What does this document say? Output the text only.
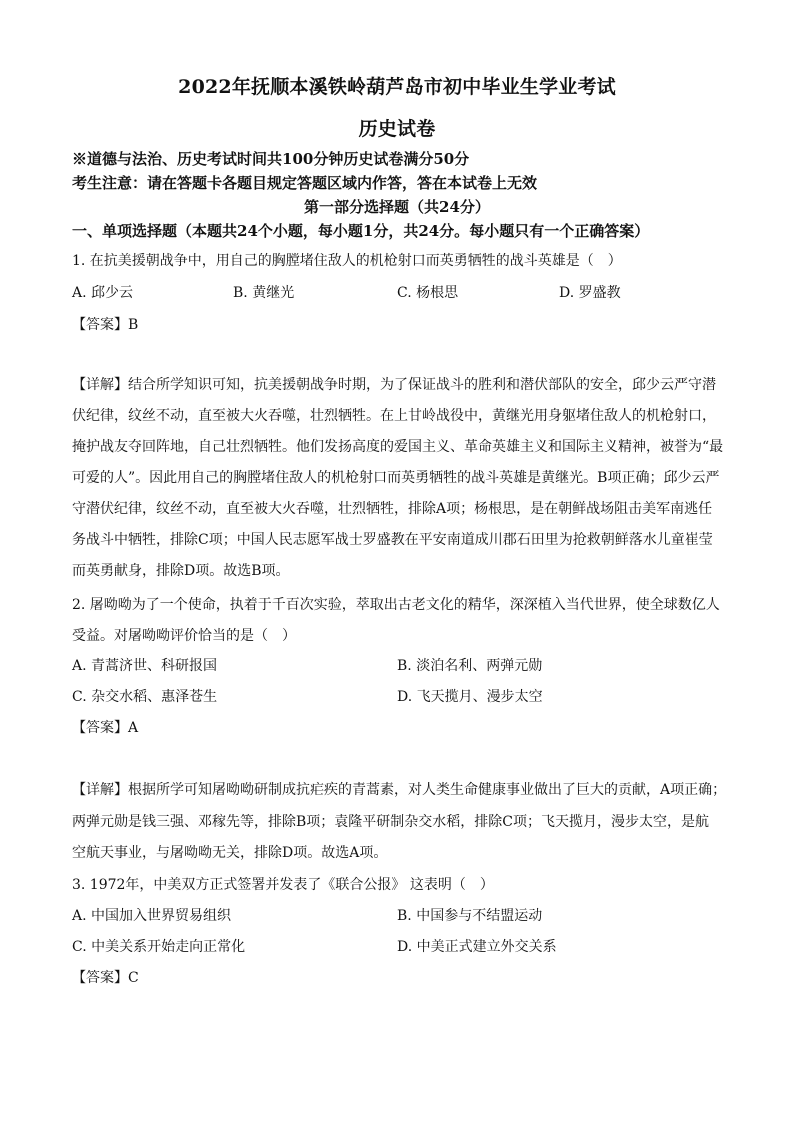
2022年抚顺本溪铁岭葫芦岛市初中毕业生学业考试
历史试卷
※道德与法治、历史考试时间共100分钟历史试卷满分50分
考生注意：请在答题卡各题目规定答题区域内作答，答在本试卷上无效
第一部分选择题（共24分）
一、单项选择题（本题共24个小题，每小题1分，共24分。每小题只有一个正确答案）
1. 在抗美援朝战争中，用自己的胸膛堵住敌人的机枪射口而英勇牺牲的战斗英雄是（　）
A. 邱少云	B. 黄继光	C. 杨根思	D. 罗盛教
【答案】B
【详解】结合所学知识可知，抗美援朝战争时期，为了保证战斗的胜利和潜伏部队的安全，邱少云严守潜
伏纪律，纹丝不动，直至被大火吞噬，壮烈牺牲。在上甘岭战役中，黄继光用身躯堵住敌人的机枪射口，
掩护战友夺回阵地，自己壮烈牺牲。他们发扬高度的爱国主义、革命英雄主义和国际主义精神，被誉为“最
可爱的人”。因此用自己的胸膛堵住敌人的机枪射口而英勇牺牲的战斗英雄是黄继光。B项正确；邱少云严
守潜伏纪律，纹丝不动，直至被大火吞噬，壮烈牺牲，排除A项；杨根思，是在朝鲜战场阻击美军南逃任
务战斗中牺牲，排除C项；中国人民志愿军战士罗盛教在平安南道成川郡石田里为抢救朝鲜落水儿童崔莹
而英勇献身，排除D项。故选B项。
2. 屠呦呦为了一个使命，执着于千百次实验，萃取出古老文化的精华，深深植入当代世界，使全球数亿人
受益。对屠呦呦评价恰当的是（　）
A. 青蒿济世、科研报国	B. 淡泊名利、两弹元勋
C. 杂交水稻、惠泽苍生	D. 飞天揽月、漫步太空
【答案】A
【详解】根据所学可知屠呦呦研制成抗疟疾的青蒿素，对人类生命健康事业做出了巨大的贡献，A项正确；
两弹元勋是钱三强、邓稼先等，排除B项；袁隆平研制杂交水稻，排除C项；飞天揽月，漫步太空，是航
空航天事业，与屠呦呦无关，排除D项。故选A项。
3. 1972年，中美双方正式签署并发表了《联合公报》 这表明（　）
A. 中国加入世界贸易组织	B. 中国参与不结盟运动
C. 中美关系开始走向正常化	D. 中美正式建立外交关系
【答案】C
